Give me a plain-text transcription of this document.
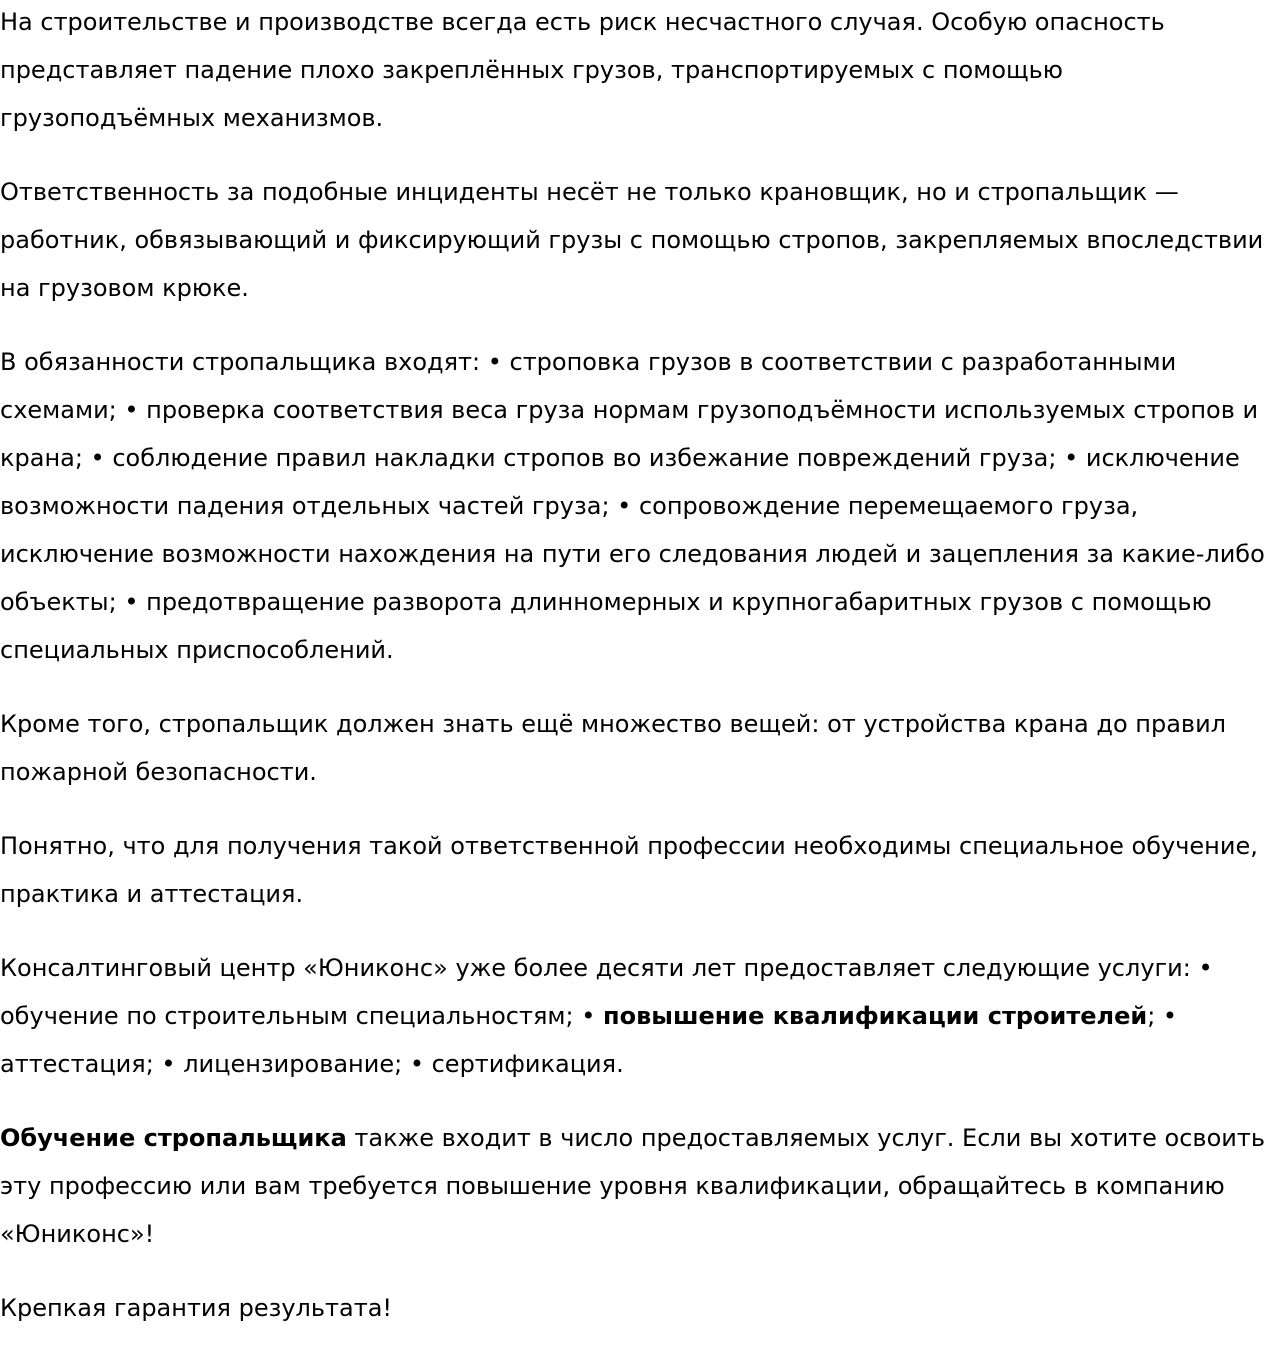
На строительстве и производстве всегда есть риск несчастного случая. Особую опасность представляет падение плохо закреплённых грузов, транспортируемых с помощью грузоподъёмных механизмов.

Ответственность за подобные инциденты несёт не только крановщик, но и стропальщик — работник, обвязывающий и фиксирующий грузы с помощью стропов, закрепляемых впоследствии на грузовом крюке.

В обязанности стропальщика входят: • строповка грузов в соответствии с разработанными схемами; • проверка соответствия веса груза нормам грузоподъёмности используемых стропов и крана; • соблюдение правил накладки стропов во избежание повреждений груза; • исключение возможности падения отдельных частей груза; • сопровождение перемещаемого груза, исключение возможности нахождения на пути его следования людей и зацепления за какие-либо объекты; • предотвращение разворота длинномерных и крупногабаритных грузов с помощью специальных приспособлений.

Кроме того, стропальщик должен знать ещё множество вещей: от устройства крана до правил пожарной безопасности.

Понятно, что для получения такой ответственной профессии необходимы специальное обучение, практика и аттестация.

Консалтинговый центр «Юниконс» уже более десяти лет предоставляет следующие услуги: • обучение по строительным специальностям; • повышение квалификации строителей; • аттестация; • лицензирование; • сертификация.

Обучение стропальщика также входит в число предоставляемых услуг. Если вы хотите освоить эту профессию или вам требуется повышение уровня квалификации, обращайтесь в компанию «Юниконс»!

Крепкая гарантия результата!
